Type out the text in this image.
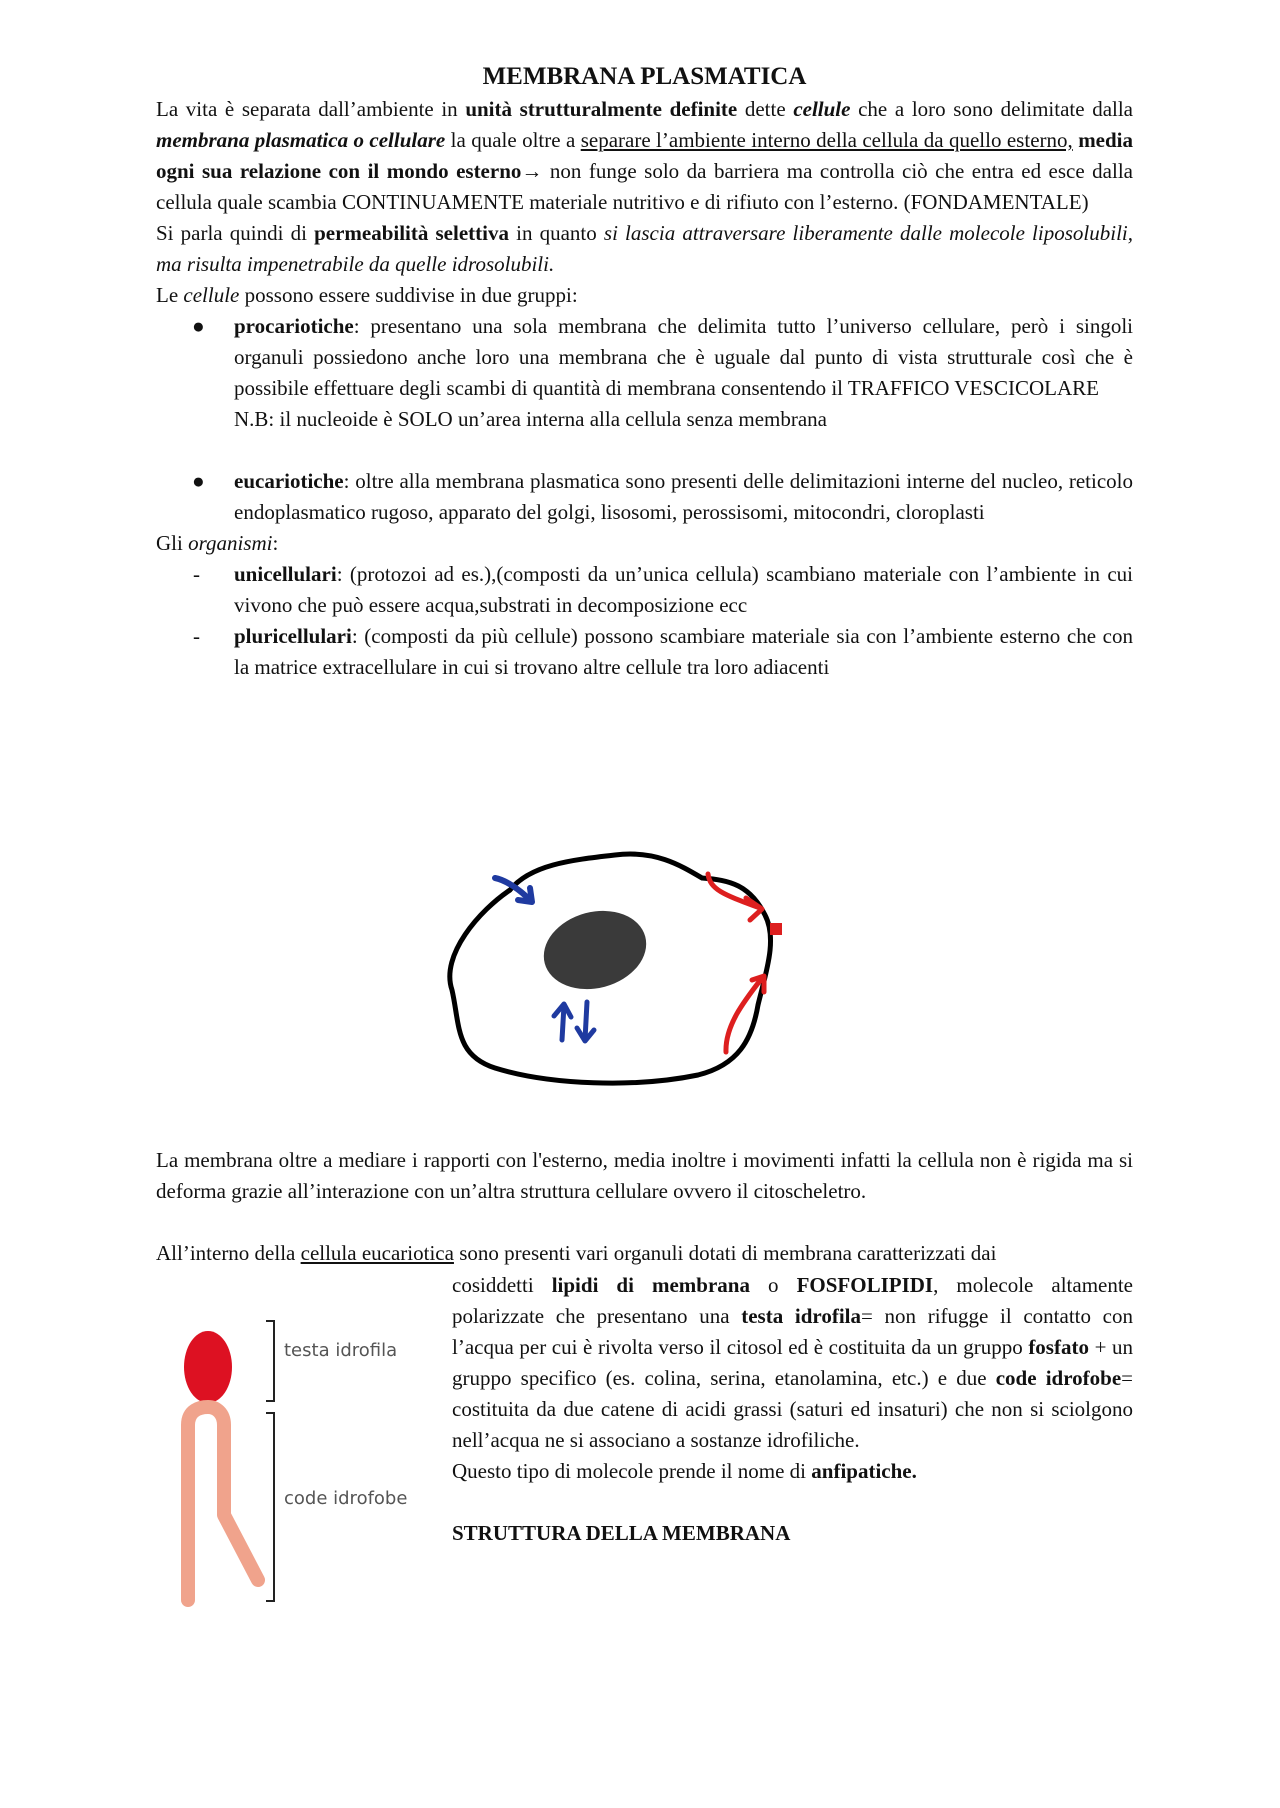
MEMBRANA PLASMATICA

La vita è separata dall’ambiente in unità strutturalmente definite dette cellule che a loro sono delimitate dalla membrana plasmatica o cellulare la quale oltre a separare l’ambiente interno della cellula da quello esterno, media ogni sua relazione con il mondo esterno→ non funge solo da barriera ma controlla ciò che entra ed esce dalla cellula quale scambia CONTINUAMENTE materiale nutritivo e di rifiuto con l’esterno. (FONDAMENTALE)

Si parla quindi di permeabilità selettiva in quanto si lascia attraversare liberamente dalle molecole liposolubili, ma risulta impenetrabile da quelle idrosolubili.

Le cellule possono essere suddivise in due gruppi:

● procariotiche: presentano una sola membrana che delimita tutto l’universo cellulare, però i singoli organuli possiedono anche loro una membrana che è uguale dal punto di vista strutturale così che è possibile effettuare degli scambi di quantità di membrana consentendo il TRAFFICO VESCICOLARE
N.B: il nucleoide è SOLO un’area interna alla cellula senza membrana
● eucariotiche: oltre alla membrana plasmatica sono presenti delle delimitazioni interne del nucleo, reticolo endoplasmatico rugoso, apparato del golgi, lisosomi, perossisomi, mitocondri, cloroplasti

Gli organismi:

- unicellulari: (protozoi ad es.),(composti da un’unica cellula) scambiano materiale con l’ambiente in cui vivono che può essere acqua,substrati in decomposizione ecc
- pluricellulari: (composti da più cellule) possono scambiare materiale sia con l’ambiente esterno che con la matrice extracellulare in cui si trovano altre cellule tra loro adiacenti

La membrana oltre a mediare i rapporti con l'esterno, media inoltre i movimenti infatti la cellula non è rigida ma si deforma grazie all’interazione con un’altra struttura cellulare ovvero il citoscheletro.

All’interno della cellula eucariotica sono presenti vari organuli dotati di membrana caratterizzati dai

testa idrofila
code idrofobe

cosiddetti lipidi di membrana o FOSFOLIPIDI, molecole altamente polarizzate che presentano una testa idrofila= non rifugge il contatto con l’acqua per cui è rivolta verso il citosol ed è costituita da un gruppo fosfato + un gruppo specifico (es. colina, serina, etanolamina, etc.) e due code idrofobe= costituita da due catene di acidi grassi (saturi ed insaturi) che non si sciolgono nell’acqua ne si associano a sostanze idrofiliche.

Questo tipo di molecole prende il nome di anfipatiche.

STRUTTURA DELLA MEMBRANA
